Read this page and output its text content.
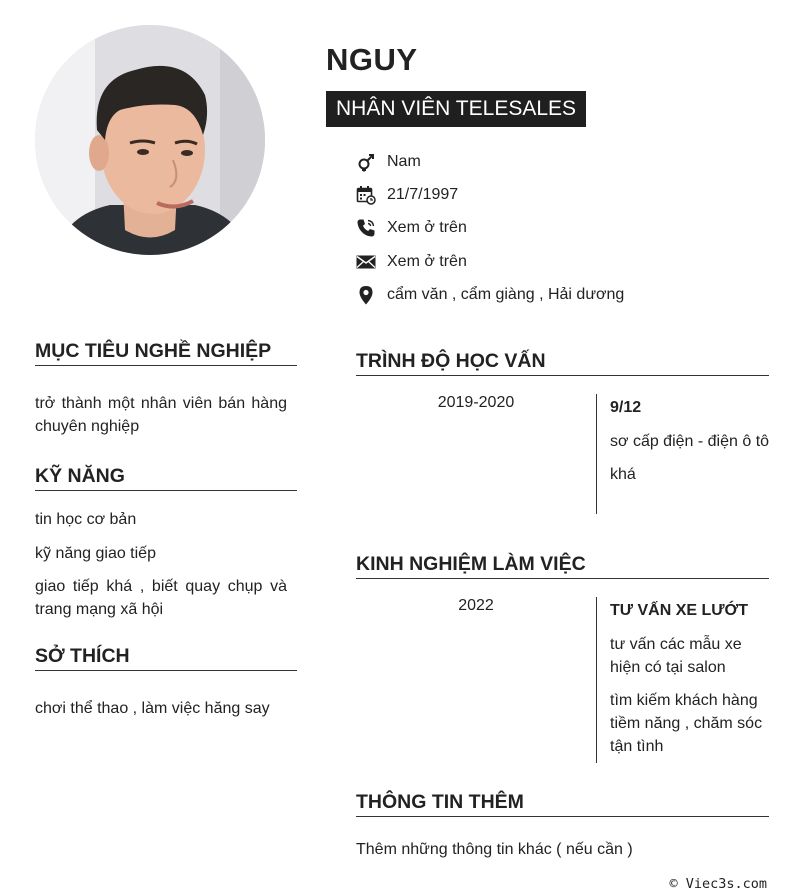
NGUY
NHÂN VIÊN TELESALES
Nam
21/7/1997
Xem ở trên
Xem ở trên
cẩm văn , cẩm giàng , Hải dương
MỤC TIÊU NGHỀ NGHIỆP
trở thành một nhân viên bán hàng chuyên nghiệp
KỸ NĂNG
tin học cơ bản
kỹ năng giao tiếp
giao tiếp khá , biết quay chụp và trang mạng xã hội
SỞ THÍCH
chơi thể thao , làm việc hăng say
TRÌNH ĐỘ HỌC VẤN
2019-2020	9/12

sơ cấp điện - điện ô tô

khá

KINH NGHIỆM LÀM VIỆC
2022	TƯ VẤN XE LƯỚT

tư vấn các mẫu xe hiện có tại salon

tìm kiếm khách hàng tiềm năng , chăm sóc tận tình

THÔNG TIN THÊM
Thêm những thông tin khác ( nếu cần )
© Viec3s.com
